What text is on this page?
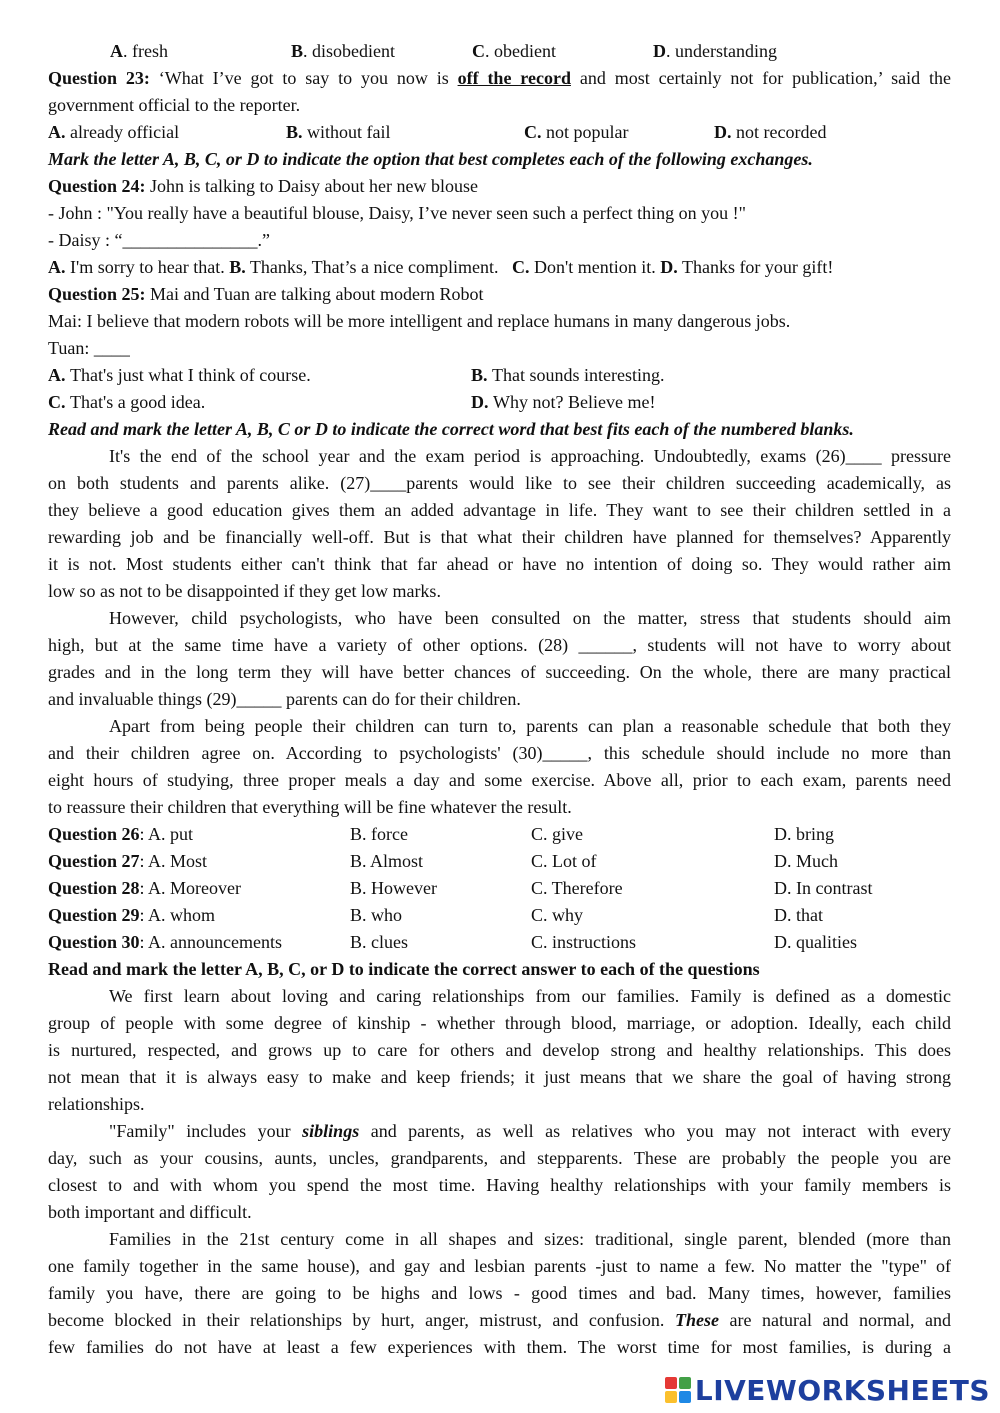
A. fresh	B. disobedient	C. obedient	D. understanding
Question 23: ‘What I’ve got to say to you now is off the record and most certainly not for publication,’ said the
government official to the reporter.
A. already official	B. without fail	C. not popular	D. not recorded
Mark the letter A, B, C, or D to indicate the option that best completes each of the following exchanges.
Question 24: John is talking to Daisy about her new blouse
- John : "You really have a beautiful blouse, Daisy, I’ve never seen such a perfect thing on you !"
- Daisy : “_______________.”
A. I'm sorry to hear that. B. Thanks, That’s a nice compliment. C. Don't mention it. D. Thanks for your gift!
Question 25: Mai and Tuan are talking about modern Robot
Mai: I believe that modern robots will be more intelligent and replace humans in many dangerous jobs.
Tuan: ____
A. That's just what I think of course.	B. That sounds interesting.
C. That's a good idea.	D. Why not? Believe me!
Read and mark the letter A, B, C or D to indicate the correct word that best fits each of the numbered blanks.
It's the end of the school year and the exam period is approaching. Undoubtedly, exams (26)____ pressure
on both students and parents alike. (27)____parents would like to see their children succeeding academically, as
they believe a good education gives them an added advantage in life. They want to see their children settled in a
rewarding job and be financially well-off. But is that what their children have planned for themselves? Apparently
it is not. Most students either can't think that far ahead or have no intention of doing so. They would rather aim
low so as not to be disappointed if they get low marks.
However, child psychologists, who have been consulted on the matter, stress that students should aim
high, but at the same time have a variety of other options. (28) ______, students will not have to worry about
grades and in the long term they will have better chances of succeeding. On the whole, there are many practical
and invaluable things (29)_____ parents can do for their children.
Apart from being people their children can turn to, parents can plan a reasonable schedule that both they
and their children agree on. According to psychologists' (30)_____, this schedule should include no more than
eight hours of studying, three proper meals a day and some exercise. Above all, prior to each exam, parents need
to reassure their children that everything will be fine whatever the result.
Question 26: A. put	B. force	C. give	D. bring
Question 27: A. Most	B. Almost	C. Lot of	D. Much
Question 28: A. Moreover	B. However	C. Therefore	D. In contrast
Question 29: A. whom	B. who	C. why	D. that
Question 30: A. announcements	B. clues	C. instructions	D. qualities
Read and mark the letter A, B, C, or D to indicate the correct answer to each of the questions
We first learn about loving and caring relationships from our families. Family is defined as a domestic
group of people with some degree of kinship - whether through blood, marriage, or adoption. Ideally, each child
is nurtured, respected, and grows up to care for others and develop strong and healthy relationships. This does
not mean that it is always easy to make and keep friends; it just means that we share the goal of having strong
relationships.
"Family" includes your siblings and parents, as well as relatives who you may not interact with every
day, such as your cousins, aunts, uncles, grandparents, and stepparents. These are probably the people you are
closest to and with whom you spend the most time. Having healthy relationships with your family members is
both important and difficult.
Families in the 21st century come in all shapes and sizes: traditional, single parent, blended (more than
one family together in the same house), and gay and lesbian parents -just to name a few. No matter the "type" of
family you have, there are going to be highs and lows - good times and bad. Many times, however, families
become blocked in their relationships by hurt, anger, mistrust, and confusion. These are natural and normal, and
few families do not have at least a few experiences with them. The worst time for most families, is during a
LIVEWORKSHEETS
